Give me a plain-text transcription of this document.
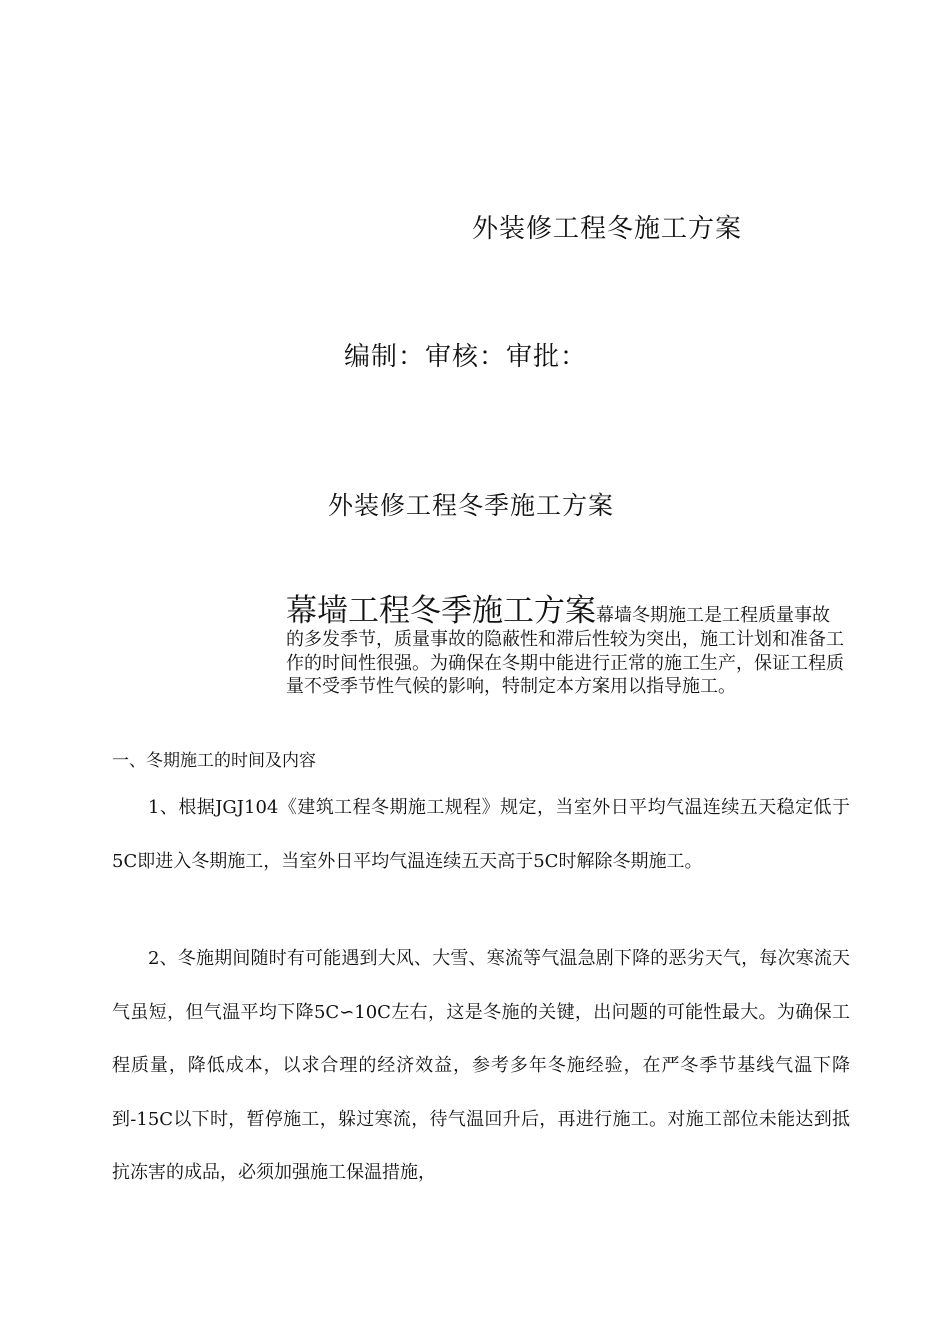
外装修工程冬施工方案
编制：审核：审批：
外装修工程冬季施工方案
幕墙工程冬季施工方案幕墙冬期施工是工程质量事故的多发季节，质量事故的隐蔽性和滞后性较为突出，施工计划和准备工作的时间性很强。为确保在冬期中能进行正常的施工生产，保证工程质量不受季节性气候的影响，特制定本方案用以指导施工。
一、冬期施工的时间及内容

1、根据JGJ104《建筑工程冬期施工规程》规定，当室外日平均气温连续五天稳定低于5C即进入冬期施工，当室外日平均气温连续五天高于5C时解除冬期施工。

2、冬施期间随时有可能遇到大风、大雪、寒流等气温急剧下降的恶劣天气，每次寒流天气虽短，但气温平均下降5C∽10C左右，这是冬施的关键，出问题的可能性最大。为确保工程质量，降低成本，以求合理的经济效益，参考多年冬施经验，在严冬季节基线气温下降到-15C以下时，暂停施工，躲过寒流，待气温回升后，再进行施工。对施工部位未能达到抵抗冻害的成品，必须加强施工保温措施，
